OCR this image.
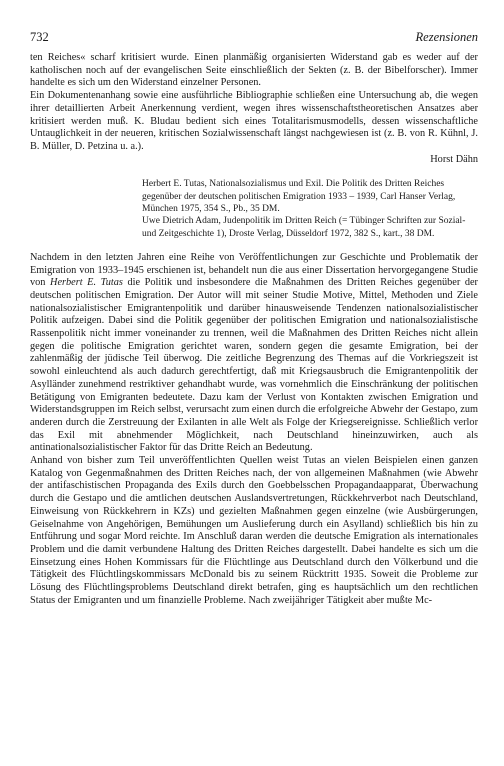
732	Rezensionen

ten Reiches« scharf kritisiert wurde. Einen planmäßig organisierten Widerstand gab es weder auf der katholischen noch auf der evangelischen Seite einschließlich der Sekten (z. B. der Bibelforscher). Immer handelte es sich um den Widerstand einzelner Personen.

Ein Dokumentenanhang sowie eine ausführliche Bibliographie schließen eine Untersuchung ab, die wegen ihrer detaillierten Arbeit Anerkennung verdient, wegen ihres wissenschaftstheoretischen Ansatzes aber kritisiert werden muß. K. Bludau bedient sich eines Totalitarismusmodells, dessen wissenschaftliche Untauglichkeit in der neueren, kritischen Sozialwissenschaft längst nachgewiesen ist (z. B. von R. Kühnl, J. B. Müller, D. Petzina u. a.).

Horst Dähn

Herbert E. Tutas, Nationalsozialismus und Exil. Die Politik des Dritten Reiches gegenüber der deutschen politischen Emigration 1933 – 1939, Carl Hanser Verlag, München 1975, 354 S., Pb., 35 DM.

Uwe Dietrich Adam, Judenpolitik im Dritten Reich (= Tübinger Schriften zur Sozial- und Zeitgeschichte 1), Droste Verlag, Düsseldorf 1972, 382 S., kart., 38 DM.

Nachdem in den letzten Jahren eine Reihe von Veröffentlichungen zur Geschichte und Problematik der Emigration von 1933–1945 erschienen ist, behandelt nun die aus einer Dissertation hervorgegangene Studie von Herbert E. Tutas die Politik und insbesondere die Maßnahmen des Dritten Reiches gegenüber der deutschen politischen Emigration. Der Autor will mit seiner Studie Motive, Mittel, Methoden und Ziele nationalsozialistischer Emigrantenpolitik und darüber hinausweisende Tendenzen nationalsozialistischer Politik aufzeigen. Dabei sind die Politik gegenüber der politischen Emigration und nationalsozialistische Rassenpolitik nicht immer voneinander zu trennen, weil die Maßnahmen des Dritten Reiches nicht allein gegen die politische Emigration gerichtet waren, sondern gegen die gesamte Emigration, bei der zahlenmäßig der jüdische Teil überwog. Die zeitliche Begrenzung des Themas auf die Vorkriegszeit ist sowohl einleuchtend als auch dadurch gerechtfertigt, daß mit Kriegsausbruch die Emigrantenpolitik der Asylländer zunehmend restriktiver gehandhabt wurde, was vornehmlich die Einschränkung der politischen Betätigung von Emigranten bedeutete. Dazu kam der Verlust von Kontakten zwischen Emigration und Widerstandsgruppen im Reich selbst, verursacht zum einen durch die erfolgreiche Abwehr der Gestapo, zum anderen durch die Zerstreuung der Exilanten in alle Welt als Folge der Kriegsereignisse. Schließlich verlor das Exil mit abnehmender Möglichkeit, nach Deutschland hineinzuwirken, auch als antinationalsozialistischer Faktor für das Dritte Reich an Bedeutung.

Anhand von bisher zum Teil unveröffentlichten Quellen weist Tutas an vielen Beispielen einen ganzen Katalog von Gegenmaßnahmen des Dritten Reiches nach, der von allgemeinen Maßnahmen (wie Abwehr der antifaschistischen Propaganda des Exils durch den Goebbelsschen Propagandaapparat, Überwachung durch die Gestapo und die amtlichen deutschen Auslandsvertretungen, Rückkehrverbot nach Deutschland, Einweisung von Rückkehrern in KZs) und gezielten Maßnahmen gegen einzelne (wie Ausbürgerungen, Geiselnahme von Angehörigen, Bemühungen um Auslieferung durch ein Asylland) schließlich bis hin zu Entführung und sogar Mord reichte. Im Anschluß daran werden die deutsche Emigration als internationales Problem und die damit verbundene Haltung des Dritten Reiches dargestellt. Dabei handelte es sich um die Einsetzung eines Hohen Kommissars für die Flüchtlinge aus Deutschland durch den Völkerbund und die Tätigkeit des Flüchtlingskommissars McDonald bis zu seinem Rücktritt 1935. Soweit die Probleme zur Lösung des Flüchtlingsproblems Deutschland direkt betrafen, ging es hauptsächlich um den rechtlichen Status der Emigranten und um finanzielle Probleme. Nach zweijähriger Tätigkeit aber mußte Mc-
